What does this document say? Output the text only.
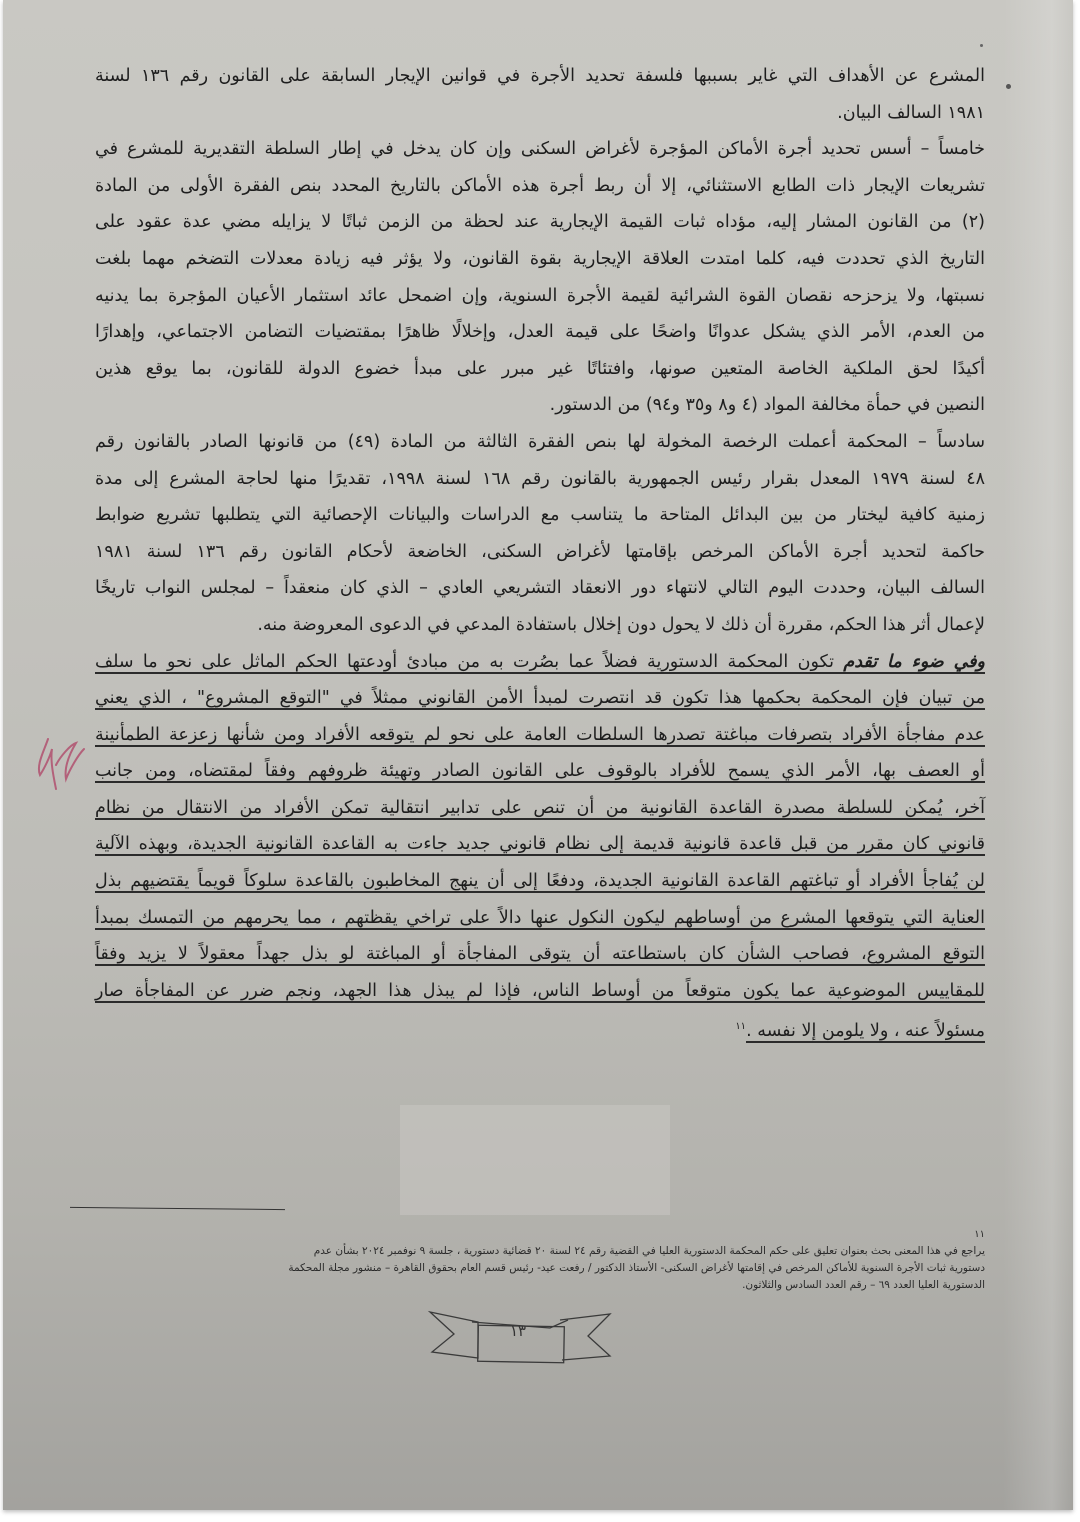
المشرع عن الأهداف التي غاير بسببها فلسفة تحديد الأجرة في قوانين الإيجار السابقة على القانون رقم ١٣٦ لسنة
١٩٨١ السالف البيان.

خامساً – أسس تحديد أجرة الأماكن المؤجرة لأغراض السكنى وإن كان يدخل في إطار السلطة التقديرية للمشرع في
تشريعات الإيجار ذات الطابع الاستثنائي، إلا أن ربط أجرة هذه الأماكن بالتاريخ المحدد بنص الفقرة الأولى من المادة
(٢) من القانون المشار إليه، مؤداه ثبات القيمة الإيجارية عند لحظة من الزمن ثباتًا لا يزايله مضي عدة عقود على
التاريخ الذي تحددت فيه، كلما امتدت العلاقة الإيجارية بقوة القانون، ولا يؤثر فيه زيادة معدلات التضخم مهما بلغت
نسبتها، ولا يزحزحه نقصان القوة الشرائية لقيمة الأجرة السنوية، وإن اضمحل عائد استثمار الأعيان المؤجرة بما يدنيه
من العدم، الأمر الذي يشكل عدوانًا واضحًا على قيمة العدل، وإخلالًا ظاهرًا بمقتضيات التضامن الاجتماعي، وإهدارًا
أكيدًا لحق الملكية الخاصة المتعين صونها، وافتئاتًا غير مبرر على مبدأ خضوع الدولة للقانون، بما يوقع هذين
النصين في حمأة مخالفة المواد (٤ و٨ و٣٥ و٩٤) من الدستور.

سادساً – المحكمة أعملت الرخصة المخولة لها بنص الفقرة الثالثة من المادة (٤٩) من قانونها الصادر بالقانون رقم
٤٨ لسنة ١٩٧٩ المعدل بقرار رئيس الجمهورية بالقانون رقم ١٦٨ لسنة ١٩٩٨، تقديرًا منها لحاجة المشرع إلى مدة
زمنية كافية ليختار من بين البدائل المتاحة ما يتناسب مع الدراسات والبيانات الإحصائية التي يتطلبها تشريع ضوابط
حاكمة لتحديد أجرة الأماكن المرخص بإقامتها لأغراض السكنى، الخاضعة لأحكام القانون رقم ١٣٦ لسنة ١٩٨١
السالف البيان، وحددت اليوم التالي لانتهاء دور الانعقاد التشريعي العادي – الذي كان منعقداً – لمجلس النواب تاريخًا
لإعمال أثر هذا الحكم، مقررة أن ذلك لا يحول دون إخلال باستفادة المدعي في الدعوى المعروضة منه.

وفي ضوء ما تقدم تكون المحكمة الدستورية فضلاً عما بصُرت به من مبادئ أودعتها الحكم الماثل على نحو ما سلف
من تبيان فإن المحكمة بحكمها هذا تكون قد انتصرت لمبدأ الأمن القانوني ممثلاً في "التوقع المشروع" ، الذي يعني
عدم مفاجأة الأفراد بتصرفات مباغتة تصدرها السلطات العامة على نحو لم يتوقعه الأفراد ومن شأنها زعزعة الطمأنينة
أو العصف بها، الأمر الذي يسمح للأفراد بالوقوف على القانون الصادر وتهيئة ظروفهم وفقاً لمقتضاه، ومن جانب
آخر، يُمكن للسلطة مصدرة القاعدة القانونية من أن تنص على تدابير انتقالية تمكن الأفراد من الانتقال من نظام
قانوني كان مقرر من قبل قاعدة قانونية قديمة إلى نظام قانوني جديد جاءت به القاعدة القانونية الجديدة، وبهذه الآلية
لن يُفاجأ الأفراد أو تباغتهم القاعدة القانونية الجديدة، ودفعًا إلى أن ينهج المخاطبون بالقاعدة سلوكاً قويماً يقتضيهم بذل
العناية التي يتوقعها المشرع من أوساطهم ليكون النكول عنها دالاً على تراخي يقظتهم ، مما يحرمهم من التمسك بمبدأ
التوقع المشروع، فصاحب الشأن كان باستطاعته أن يتوقى المفاجأة أو المباغتة لو بذل جهداً معقولاً لا يزيد وفقاً
للمقاييس الموضوعية عما يكون متوقعاً من أوساط الناس، فإذا لم يبذل هذا الجهد، ونجم ضرر عن المفاجأة صار
مسئولاً عنه ، ولا يلومن إلا نفسه .$^{١١}$

١١
يراجع في هذا المعنى بحث بعنوان تعليق على حكم المحكمة الدستورية العليا في القضية رقم ٢٤ لسنة ٢٠ قضائية دستورية ، جلسة ٩ نوفمبر ٢٠٢٤ بشأن عدم
دستورية ثبات الأجرة السنوية للأماكن المرخص في إقامتها لأغراض السكنى- الأستاذ الدكتور / رفعت عيد- رئيس قسم العام بحقوق القاهرة – منشور مجلة المحكمة
الدستورية العليا العدد ٦٩ – رقم العدد السادس والثلاثون.
١٣
